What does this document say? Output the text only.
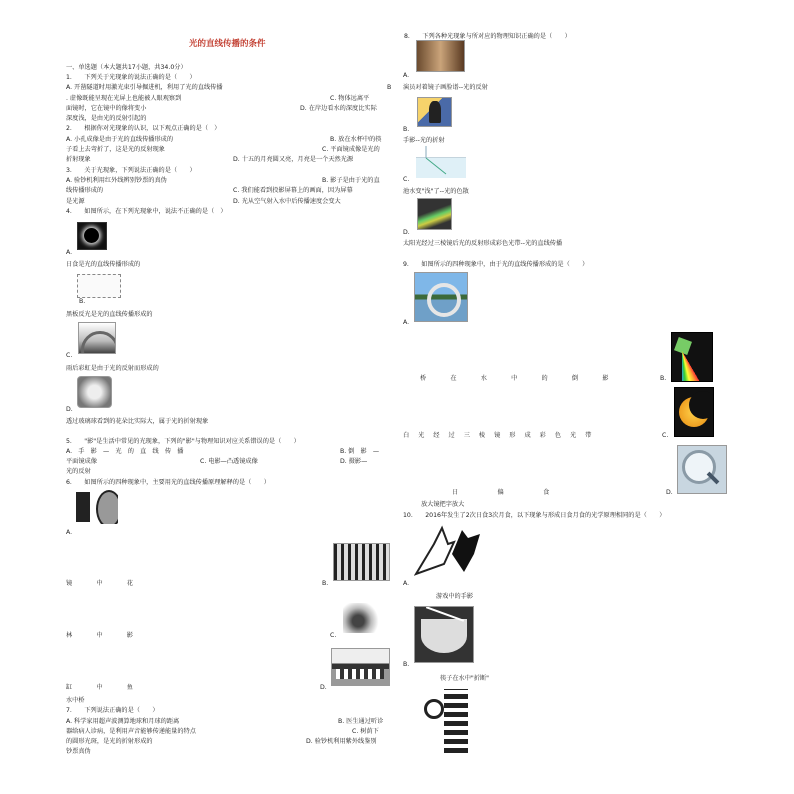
光的直线传播的条件
一、单选题（本大题共17小题，共34.0分）
1.　　下列关于光现象的说法正确的是（　　）
A. 开凿隧道时用激光束引导掘进机，利用了光的直线传播	B
. 虚像既能呈现在光屏上也能被人眼观察到	C. 物体远离平
面镜时，它在镜中的像将变小	D. 在岸边看水的深度比实际
深度浅，是由光的反射引起的
2.　　根据你对光现象的认识，以下观点正确的是（　）
A. 小孔成像是由于光的直线传播形成的	B. 放在水杯中的筷
子看上去弯折了，这是光的反射现象	C. 平面镜成像是光的
折射现象	D. 十五的月亮圆又亮，月亮是一个天然光源
3.　　关于光现象，下列说法正确的是（　　）
A. 验钞机利用红外线辨别钞票的真伪	B. 影子是由于光的直
线传播形成的	C. 我们能看到投影屏幕上的画面，因为屏幕
是光源	D. 光从空气射入水中后传播速度会变大
4.　　如图所示，在下列光现象中，说法不正确的是（　）
A.
日食是光的直线传播形成的
B.
黑板反光是光的直线传播形成的
C.
雨后彩虹是由于光的反射而形成的
D.
透过玻璃球看到的花朵比实际大，属于光的折射现象
5.　　"影"是生活中常见的光现象，下列的"影"与物理知识对应关系错误的是（　　）
A.　手　影　—　光　的　直　线　传　播	B. 倒　影　—
平面镜成像	C. 电影—凸透镜成像	D. 摄影—
光的反射
6.　　如图所示的四种现象中，主要用光的直线传播原理解释的是（　　）
A.
镜　中　花	B.
林　中　影	C.
缸　中　鱼	D.
水中桥
7.　　下列说法正确的是（　　）
A. 科学家用超声波测算地球和月球的距离	B. 医生通过听诊
器给病人诊病，是利用声音能够传递能量的特点	C. 树荫下
的圆形光斑，是光的折射形成的	D. 验钞机利用紫外线鉴别
钞票真伪
8.　　下列各种光现象与所对应的物理知识正确的是（　　）
A.
演员对着镜子画脸谱--光的反射
B.
手影--光的折射
C.
池水变"浅"了--光的色散
D.
太阳光经过三棱镜后光的反射形成彩色光带--光的直线传播
9.　　如图所示的四种现象中，由于光的直线传播形成的是（　　）
A.
桥　在　水　中　的　倒　影	B.
白光经过三棱镜形成彩色光带	C.
日　　偏　　食	D.
放大镜把字放大
10.　　2016年发生了2次日食3次月食，以下现象与形成日食月食的光学原理相同的是（　　）
A.
游戏中的手影
B.
筷子在水中"折断"
